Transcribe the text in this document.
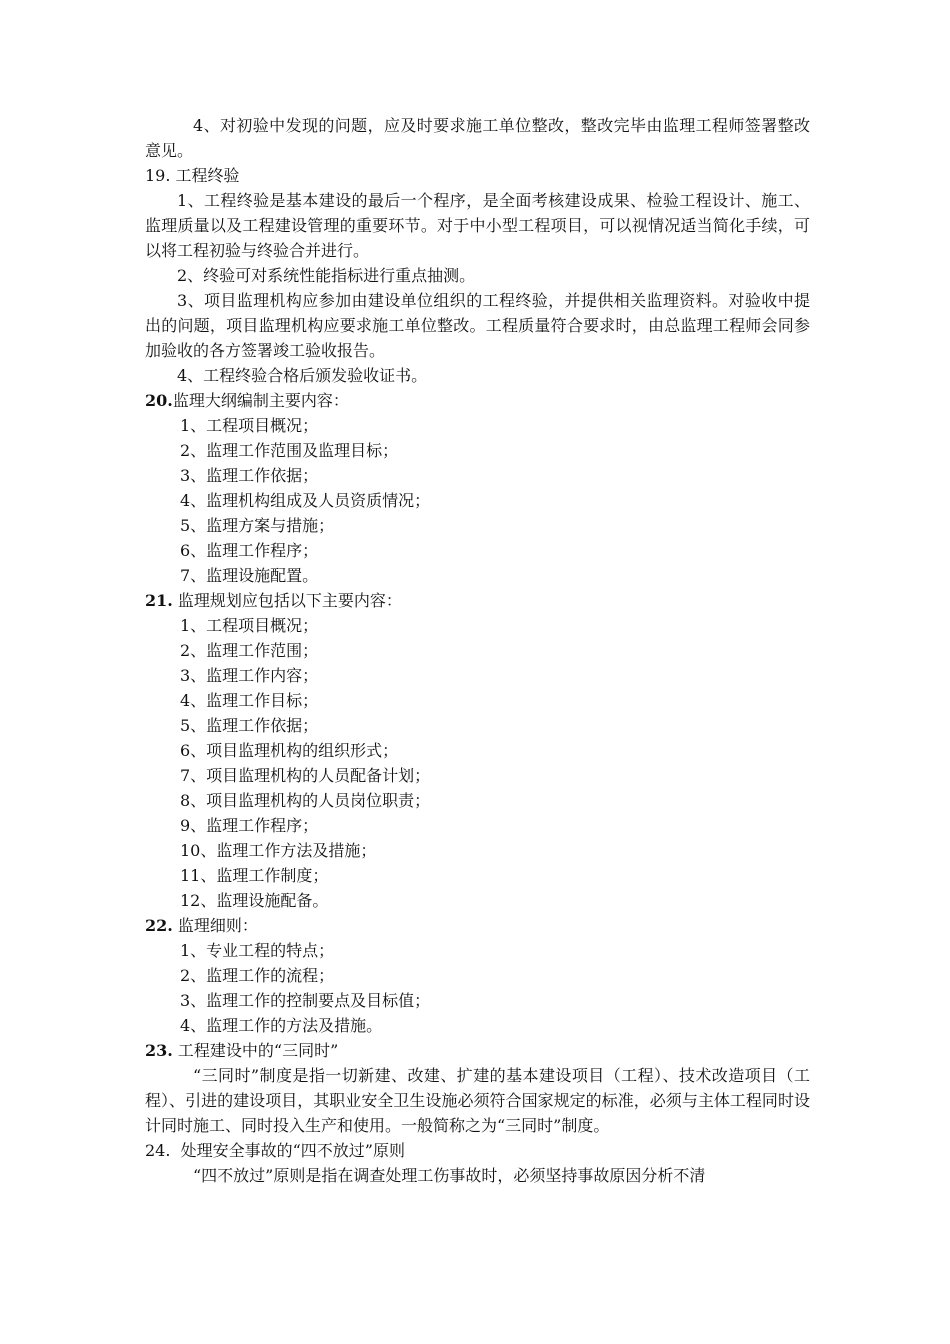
4、对初验中发现的问题，应及时要求施工单位整改，整改完毕由监理工程师签署整改意见。

19. 工程终验

1、工程终验是基本建设的最后一个程序，是全面考核建设成果、检验工程设计、施工、监理质量以及工程建设管理的重要环节。对于中小型工程项目，可以视情况适当简化手续，可以将工程初验与终验合并进行。

2、终验可对系统性能指标进行重点抽测。

3、项目监理机构应参加由建设单位组织的工程终验，并提供相关监理资料。对验收中提出的问题，项目监理机构应要求施工单位整改。工程质量符合要求时，由总监理工程师会同参加验收的各方签署竣工验收报告。

4、工程终验合格后颁发验收证书。

20.监理大纲编制主要内容：

1、工程项目概况；

2、监理工作范围及监理目标；

3、监理工作依据；

4、监理机构组成及人员资质情况；

5、监理方案与措施；

6、监理工作程序；

7、监理设施配置。

21. 监理规划应包括以下主要内容：

1、工程项目概况；

2、监理工作范围；

3、监理工作内容；

4、监理工作目标；

5、监理工作依据；

6、项目监理机构的组织形式；

7、项目监理机构的人员配备计划；

8、项目监理机构的人员岗位职责；

9、监理工作程序；

10、监理工作方法及措施；

11、监理工作制度；

12、监理设施配备。

22. 监理细则：

1、专业工程的特点；

2、监理工作的流程；

3、监理工作的控制要点及目标值；

4、监理工作的方法及措施。

23. 工程建设中的“三同时”

“三同时”制度是指一切新建、改建、扩建的基本建设项目（工程）、技术改造项目（工程）、引进的建设项目，其职业安全卫生设施必须符合国家规定的标准，必须与主体工程同时设计同时施工、同时投入生产和使用。一般简称之为“三同时”制度。

24.  处理安全事故的“四不放过”原则

“四不放过”原则是指在调查处理工伤事故时，必须坚持事故原因分析不清
